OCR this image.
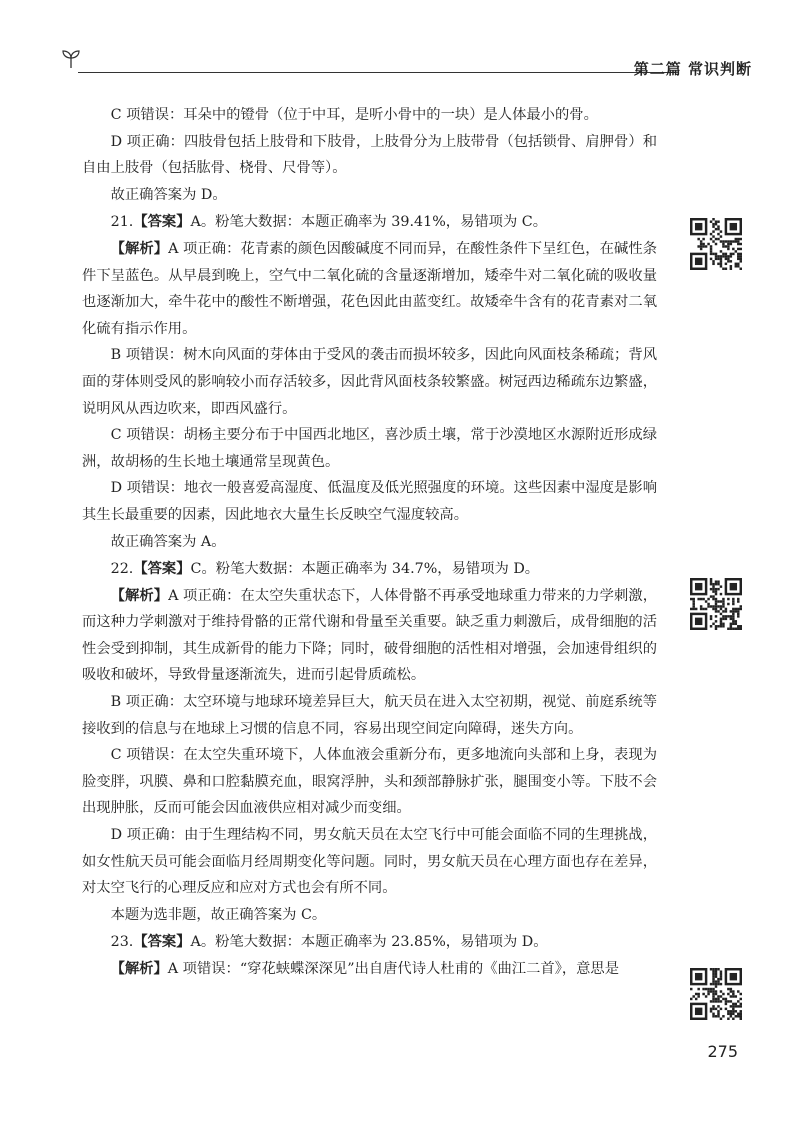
第二篇 常识判断

C 项错误：耳朵中的镫骨（位于中耳，是听小骨中的一块）是人体最小的骨。

D 项正确：四肢骨包括上肢骨和下肢骨，上肢骨分为上肢带骨（包括锁骨、肩胛骨）和自由上肢骨（包括肱骨、桡骨、尺骨等）。

故正确答案为 D。

21.【答案】A。粉笔大数据：本题正确率为 39.41%，易错项为 C。

【解析】A 项正确：花青素的颜色因酸碱度不同而异，在酸性条件下呈红色，在碱性条件下呈蓝色。从早晨到晚上，空气中二氧化硫的含量逐渐增加，矮牵牛对二氧化硫的吸收量也逐渐加大，牵牛花中的酸性不断增强，花色因此由蓝变红。故矮牵牛含有的花青素对二氧化硫有指示作用。

B 项错误：树木向风面的芽体由于受风的袭击而损坏较多，因此向风面枝条稀疏；背风面的芽体则受风的影响较小而存活较多，因此背风面枝条较繁盛。树冠西边稀疏东边繁盛，说明风从西边吹来，即西风盛行。

C 项错误：胡杨主要分布于中国西北地区，喜沙质土壤，常于沙漠地区水源附近形成绿洲，故胡杨的生长地土壤通常呈现黄色。

D 项错误：地衣一般喜爱高湿度、低温度及低光照强度的环境。这些因素中湿度是影响其生长最重要的因素，因此地衣大量生长反映空气湿度较高。

故正确答案为 A。

22.【答案】C。粉笔大数据：本题正确率为 34.7%，易错项为 D。

【解析】A 项正确：在太空失重状态下，人体骨骼不再承受地球重力带来的力学刺激，而这种力学刺激对于维持骨骼的正常代谢和骨量至关重要。缺乏重力刺激后，成骨细胞的活性会受到抑制，其生成新骨的能力下降；同时，破骨细胞的活性相对增强，会加速骨组织的吸收和破坏，导致骨量逐渐流失，进而引起骨质疏松。

B 项正确：太空环境与地球环境差异巨大，航天员在进入太空初期，视觉、前庭系统等接收到的信息与在地球上习惯的信息不同，容易出现空间定向障碍，迷失方向。

C 项错误：在太空失重环境下，人体血液会重新分布，更多地流向头部和上身，表现为脸变胖，巩膜、鼻和口腔黏膜充血，眼窝浮肿，头和颈部静脉扩张，腿围变小等。下肢不会出现肿胀，反而可能会因血液供应相对减少而变细。

D 项正确：由于生理结构不同，男女航天员在太空飞行中可能会面临不同的生理挑战，如女性航天员可能会面临月经周期变化等问题。同时，男女航天员在心理方面也存在差异，对太空飞行的心理反应和应对方式也会有所不同。

本题为选非题，故正确答案为 C。

23.【答案】A。粉笔大数据：本题正确率为 23.85%，易错项为 D。

【解析】A 项错误：“穿花蛱蝶深深见”出自唐代诗人杜甫的《曲江二首》，意思是

275
